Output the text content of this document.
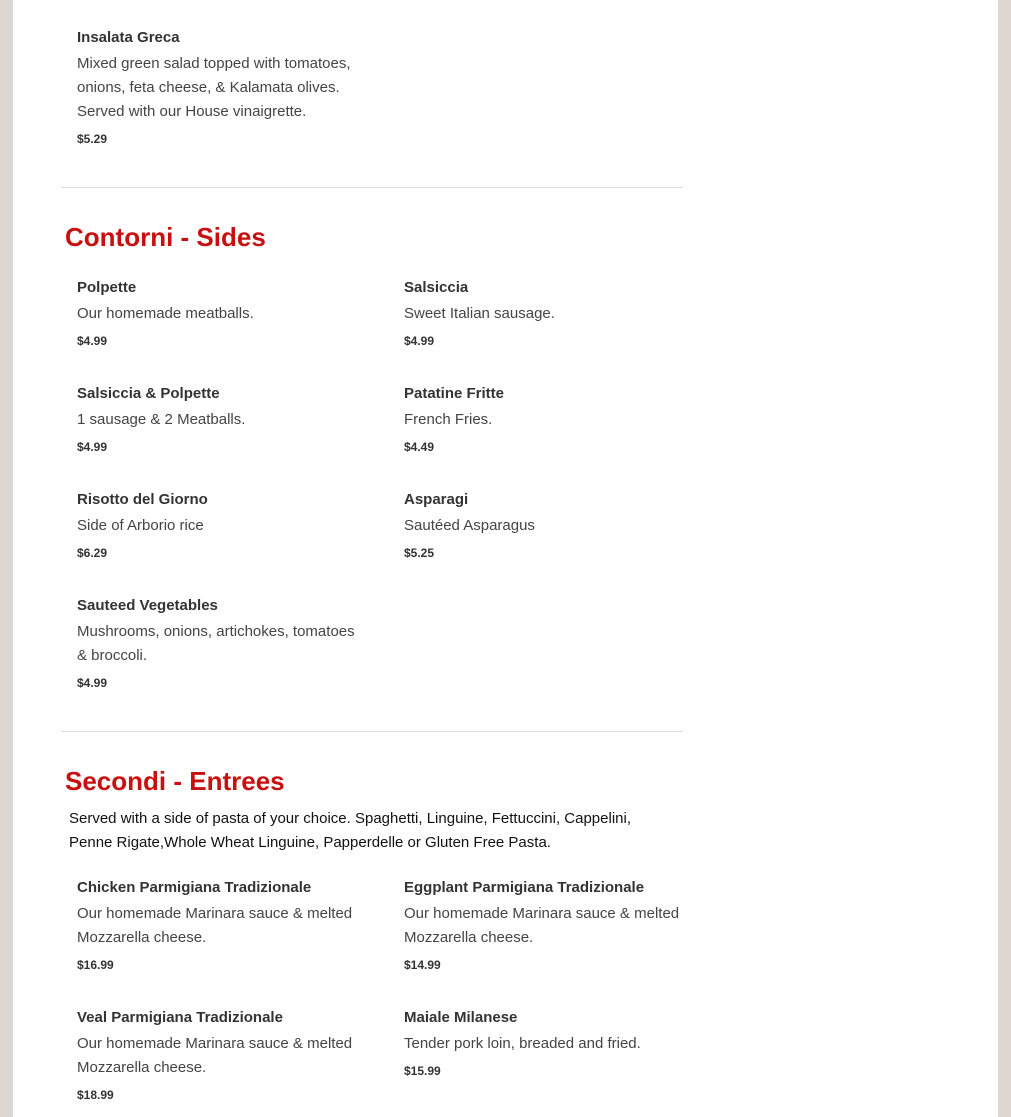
Insalata Greca
Mixed green salad topped with tomatoes, onions, feta cheese, & Kalamata olives. Served with our House vinaigrette.
$5.29
Contorni - Sides
Polpette
Our homemade meatballs.
$4.99
Salsiccia
Sweet Italian sausage.
$4.99
Salsiccia & Polpette
1 sausage & 2 Meatballs.
$4.99
Patatine Fritte
French Fries.
$4.49
Risotto del Giorno
Side of Arborio rice
$6.29
Asparagi
Sautéed Asparagus
$5.25
Sauteed Vegetables
Mushrooms, onions, artichokes, tomatoes & broccoli.
$4.99
Secondi - Entrees
Served with a side of pasta of your choice. Spaghetti, Linguine, Fettuccini, Cappelini, Penne Rigate,Whole Wheat Linguine, Papperdelle or Gluten Free Pasta.
Chicken Parmigiana Tradizionale
Our homemade Marinara sauce & melted Mozzarella cheese.
$16.99
Eggplant Parmigiana Tradizionale
Our homemade Marinara sauce & melted Mozzarella cheese.
$14.99
Veal Parmigiana Tradizionale
Our homemade Marinara sauce & melted Mozzarella cheese.
$18.99
Maiale Milanese
Tender pork loin, breaded and fried.
$15.99
